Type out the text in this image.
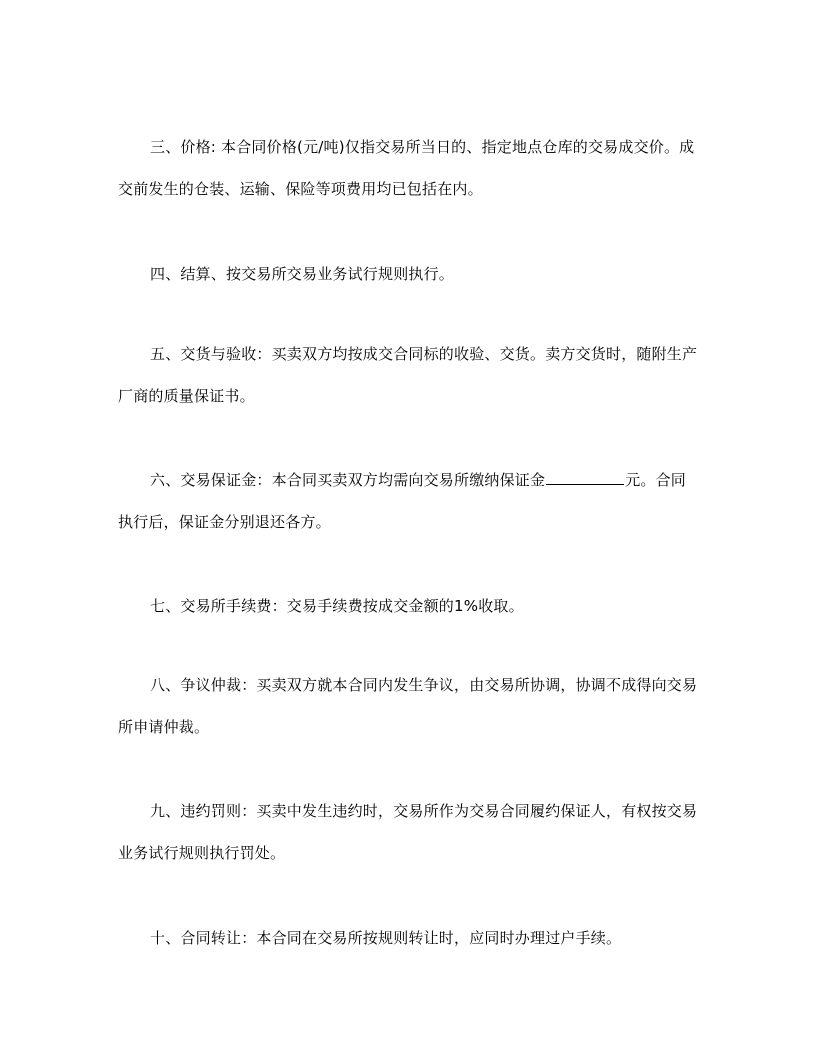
三、价格: 本合同价格(元/吨)仅指交易所当日的、指定地点仓库的交易成交价。成交前发生的仓装、运输、保险等项费用均已包括在内。

四、结算、按交易所交易业务试行规则执行。

五、交货与验收：买卖双方均按成交合同标的收验、交货。卖方交货时，随附生产厂商的质量保证书。

六、交易保证金：本合同买卖双方均需向交易所缴纳保证金	元。合同执行后，保证金分别退还各方。

七、交易所手续费：交易手续费按成交金额的1%收取。

八、争议仲裁：买卖双方就本合同内发生争议，由交易所协调，协调不成得向交易所申请仲裁。

九、违约罚则：买卖中发生违约时，交易所作为交易合同履约保证人，有权按交易业务试行规则执行罚处。

十、合同转让：本合同在交易所按规则转让时，应同时办理过户手续。
